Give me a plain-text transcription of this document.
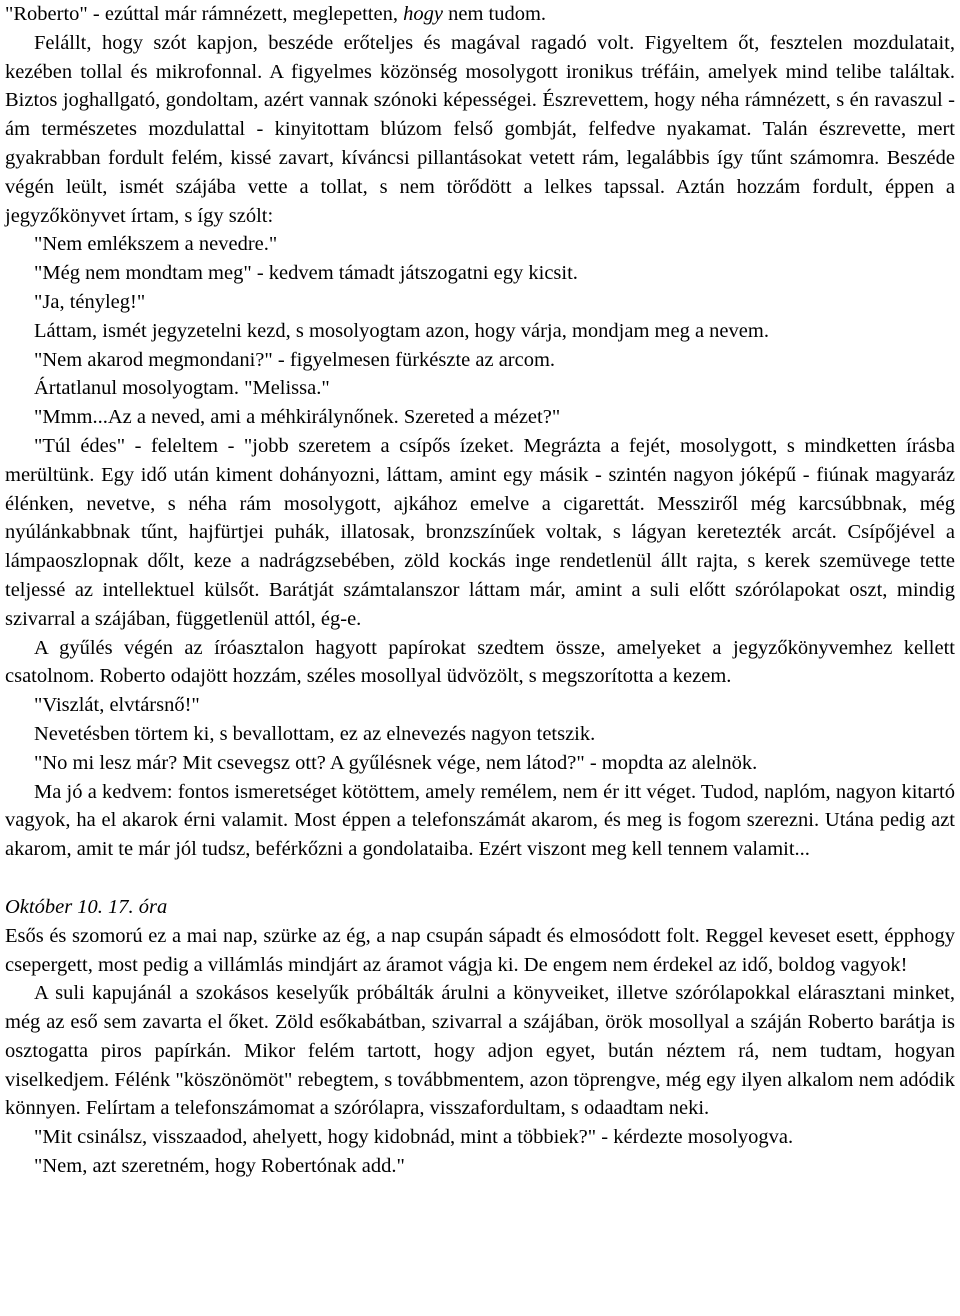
"Roberto" - ezúttal már rámnézett, meglepetten, hogy nem tudom.

Felállt, hogy szót kapjon, beszéde erőteljes és magával ragadó volt. Figyeltem őt, fesztelen mozdulatait, kezében tollal és mikrofonnal. A figyelmes közönség mosolygott ironikus tréfáin, amelyek mind telibe találtak. Biztos joghallgató, gondoltam, azért vannak szónoki képességei. Észrevettem, hogy néha rámnézett, s én ravaszul - ám természetes mozdulattal - kinyitottam blúzom felső gombját, felfedve nyakamat. Talán észrevette, mert gyakrabban fordult felém, kissé zavart, kíváncsi pillantásokat vetett rám, legalábbis így tűnt számomra. Beszéde végén leült, ismét szájába vette a tollat, s nem törődött a lelkes tapssal. Aztán hozzám fordult, éppen a jegyzőkönyvet írtam, s így szólt:

"Nem emlékszem a nevedre."

"Még nem mondtam meg" - kedvem támadt játszogatni egy kicsit.

"Ja, tényleg!"

Láttam, ismét jegyzetelni kezd, s mosolyogtam azon, hogy várja, mondjam meg a nevem.

"Nem akarod megmondani?" - figyelmesen fürkészte az arcom.

Ártatlanul mosolyogtam. "Melissa."

"Mmm...Az a neved, ami a méhkirálynőnek. Szereted a mézet?"

"Túl édes" - feleltem - "jobb szeretem a csípős ízeket. Megrázta a fejét, mosolygott, s mindketten írásba merültünk. Egy idő után kiment dohányozni, láttam, amint egy másik - szintén nagyon jóképű - fiúnak magyaráz élénken, nevetve, s néha rám mosolygott, ajkához emelve a cigarettát. Messziről még karcsúbbnak, még nyúlánkabbnak tűnt, hajfürtjei puhák, illatosak, bronzszínűek voltak, s lágyan keretezték arcát. Csípőjével a lámpaoszlopnak dőlt, keze a nadrágzsebében, zöld kockás inge rendetlenül állt rajta, s kerek szemüvege tette teljessé az intellektuel külsőt. Barátját számtalanszor láttam már, amint a suli előtt szórólapokat oszt, mindig szivarral a szájában, függetlenül attól, ég-e.

A gyűlés végén az íróasztalon hagyott papírokat szedtem össze, amelyeket a jegyzőkönyvemhez kellett csatolnom. Roberto odajött hozzám, széles mosollyal üdvözölt, s megszorította a kezem.

"Viszlát, elvtársnő!"

Nevetésben törtem ki, s bevallottam, ez az elnevezés nagyon tetszik.

"No mi lesz már? Mit csevegsz ott? A gyűlésnek vége, nem látod?" - mopdta az alelnök.

Ma jó a kedvem: fontos ismeretséget kötöttem, amely remélem, nem ér itt véget. Tudod, naplóm, nagyon kitartó vagyok, ha el akarok érni valamit. Most éppen a telefonszámát akarom, és meg is fogom szerezni. Utána pedig azt akarom, amit te már jól tudsz, beférkőzni a gondolataiba. Ezért viszont meg kell tennem valamit...

Október 10. 17. óra

Esős és szomorú ez a mai nap, szürke az ég, a nap csupán sápadt és elmosódott folt. Reggel keveset esett, épphogy csepergett, most pedig a villámlás mindjárt az áramot vágja ki. De engem nem érdekel az idő, boldog vagyok!

A suli kapujánál a szokásos keselyűk próbálták árulni a könyveiket, illetve szórólapokkal elárasztani minket, még az eső sem zavarta el őket. Zöld esőkabátban, szivarral a szájában, örök mosollyal a száján Roberto barátja is osztogatta piros papírkán. Mikor felém tartott, hogy adjon egyet, bután néztem rá, nem tudtam, hogyan viselkedjem. Félénk "köszönömöt" rebegtem, s továbbmentem, azon töprengve, még egy ilyen alkalom nem adódik könnyen. Felírtam a telefonszámomat a szórólapra, visszafordultam, s odaadtam neki.

"Mit csinálsz, visszaadod, ahelyett, hogy kidobnád, mint a többiek?" - kérdezte mosolyogva.

"Nem, azt szeretném, hogy Robertónak add."
